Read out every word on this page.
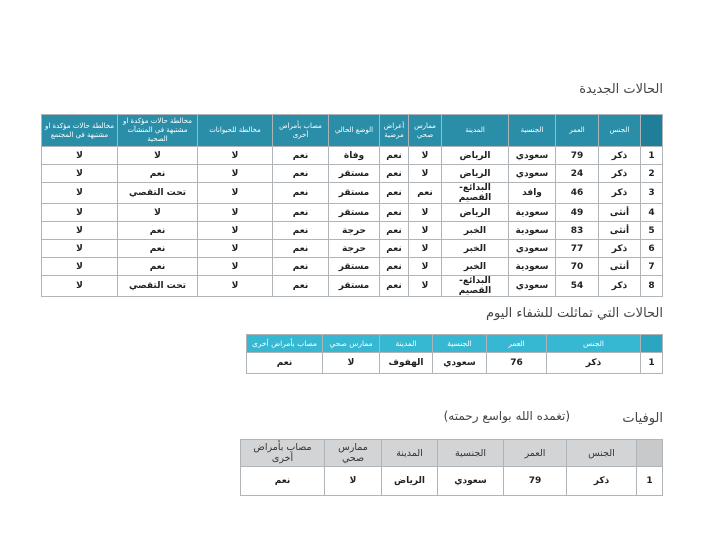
الحالات الجديدة
	الجنس	العمر	الجنسية	المدينة	ممارس صحي	أعراض مرضية	الوضع الحالي	مصاب بأمراض أخرى	مخالطة للحيوانات	مخالطة حالات مؤكدة او مشتبهة في المنشآت الصحية	مخالطة حالات مؤكدة او مشتبهة في المجتمع
1	ذكر	79	سعودي	الرياض	لا	نعم	وفاة	نعم	لا	لا	لا
2	ذكر	24	سعودي	الرياض	لا	نعم	مستقر	نعم	لا	نعم	لا
3	ذكر	46	وافد	البدائع-القصيم	نعم	نعم	مستقر	نعم	لا	تحت التقصي	لا
4	أنثى	49	سعودية	الرياض	لا	نعم	مستقر	نعم	لا	لا	لا
5	أنثى	83	سعودية	الخبر	لا	نعم	حرجة	نعم	لا	نعم	لا
6	ذكر	77	سعودي	الخبر	لا	نعم	حرجة	نعم	لا	نعم	لا
7	أنثى	70	سعودية	الخبر	لا	نعم	مستقر	نعم	لا	نعم	لا
8	ذكر	54	سعودي	البدائع-القصيم	لا	نعم	مستقر	نعم	لا	تحت التقصي	لا
الحالات التي تماثلت للشفاء اليوم
	الجنس	العمر	الجنسية	المدينة	ممارس صحي	مصاب بأمراض أخرى
1	ذكر	76	سعودي	الهفوف	لا	نعم
الوفيات
(تغمده الله بواسع رحمته)
	الجنس	العمر	الجنسية	المدينة	ممارس صحي	مصاب بأمراض أخرى
1	ذكر	79	سعودي	الرياض	لا	نعم
